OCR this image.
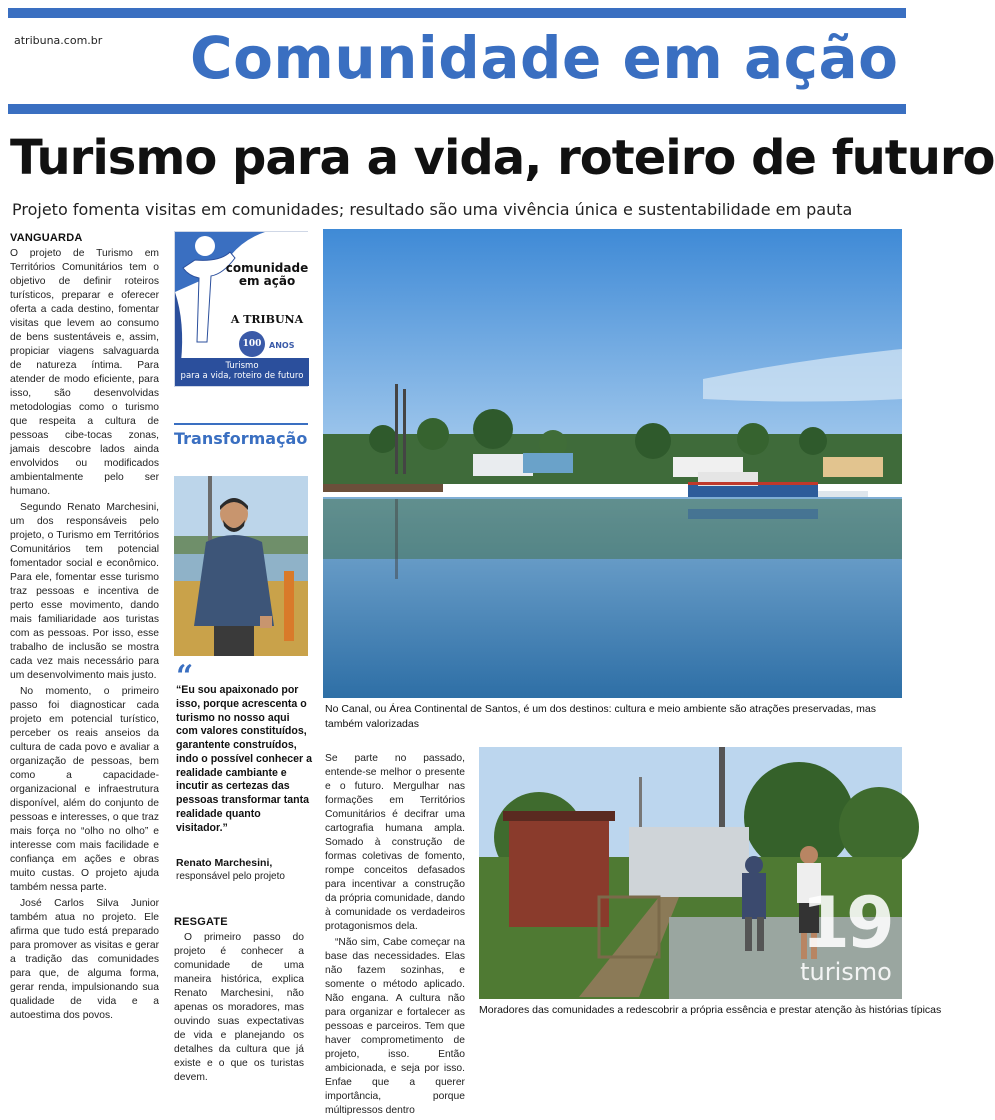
atribuna.com.br Comunidade em ação
Turismo para a vida, roteiro de futuro
Projeto fomenta visitas em comunidades; resultado são uma vivência única e sustentabilidade em pauta
VANGUARDA

O projeto de Turismo em Territórios Comunitários tem o objetivo de definir roteiros turísticos, preparar e oferecer oferta a cada destino, fomentar visitas que levem ao consumo de bens sustentáveis e, assim, propiciar viagens salvaguarda de natureza íntima. Para atender de modo eficiente, para isso, são desenvolvidas metodologias como o turismo que respeita a cultura de pessoas cibe-tocas zonas, jamais descobre lados ainda envolvidos ou modificados ambientalmente pelo ser humano.

Segundo Renato Marchesini, um dos responsáveis pelo projeto, o Turismo em Territórios Comunitários tem potencial fomentador social e econômico. Para ele, fomentar esse turismo traz pessoas e incentiva de perto esse movimento, dando mais familiaridade aos turistas com as pessoas. Por isso, esse trabalho de inclusão se mostra cada vez mais necessário para um desenvolvimento mais justo.

No momento, o primeiro passo foi diagnosticar cada projeto em potencial turístico, perceber os reais anseios da cultura de cada povo e avaliar a organização de pessoas, bem como a capacidade-organizacional e infraestrutura disponível, além do conjunto de pessoas e interesses, o que traz mais força no “olho no olho” e interesse com mais facilidade e confiança em ações e obras muito custas. O projeto ajuda também nessa parte.

José Carlos Silva Junior também atua no projeto. Ele afirma que tudo está preparado para promover as visitas e gerar a tradição das comunidades para que, de alguma forma, gerar renda, impulsionando sua qualidade de vida e a autoestima dos povos.

comunidade
em ação
A TRIBUNA
100 ANOS
Turismo
para a vida, roteiro de futuro
Transformação
“
“Eu sou apaixonado por isso, porque acrescenta o turismo no nosso aqui com valores constituídos, garantente construídos, indo o possível conhecer a realidade cambiante e incutir as certezas das pessoas transformar tanta realidade quanto visitador.”
Renato Marchesini,
responsável pelo projeto
RESGATE

O primeiro passo do projeto é conhecer a comunidade de uma maneira histórica, explica Renato Marchesini, não apenas os moradores, mas ouvindo suas expectativas de vida e planejando os detalhes da cultura que já existe e o que os turistas devem.

No Canal, ou Área Continental de Santos, é um dos destinos: cultura e meio ambiente são atrações preservadas, mas também valorizadas

Se parte no passado, entende-se melhor o presente e o futuro. Mergulhar nas formações em Territórios Comunitários é decifrar uma cartografia humana ampla. Somado à construção de formas coletivas de fomento, rompe conceitos defasados para incentivar a construção da própria comunidade, dando à comunidade os verdadeiros protagonismos dela.

“Não sim, Cabe começar na base das necessidades. Elas não fazem sozinhas, e somente o método aplicado. Não engana. A cultura não para organizar e fortalecer as pessoas e parceiros. Tem que haver comprometimento de projeto, isso. Então ambicionada, e seja por isso. Enfae que a querer importância, porque múltipressos dentro

Moradores das comunidades a redescobrir a própria essência e prestar atenção às histórias típicas
19
turismo
